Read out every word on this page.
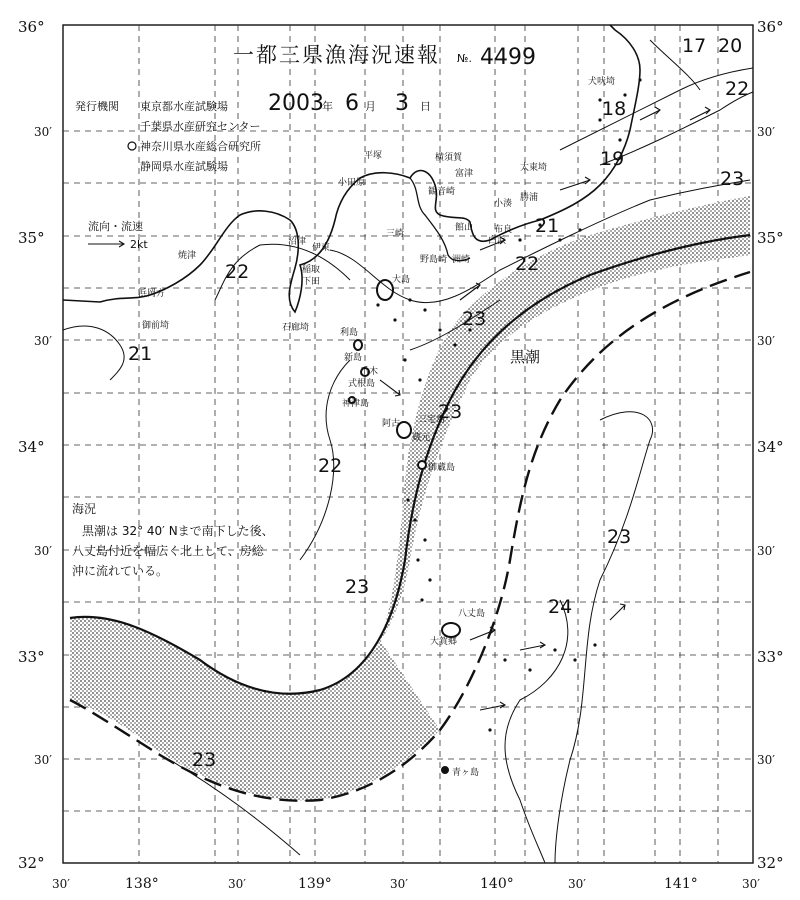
一都三県漁海況速報 №. 4499
発行機関 東京都水産試験場
千葉県水産研究センター
神奈川県水産総合研究所
静岡県水産試験場
2003
年 6 月 3 日
流向・流速
2kt
黒潮
海況
黒潮は 32° 40′ Nまで南下した後、
八丈島付近を幅広く北上して、房総
沖に流れている。
17 20
18
19
22
23
21
22
22
21
23
23
22
23
23
24
23
犬吠埼
太東埼
勝浦
小湊
白浜
館山
洲崎
富津
観音崎
横須賀
平塚
小田原
沼津
伊東
稲取
下田
石廊埼
焼津
御前埼
大島
利島
新島
式根島
神津島
三宅島
御蔵島
八丈島
青ヶ島
浜岡方
三崎	布良
野島崎
爪木
蔵元
阿古
大賀郷
36°
30′
35°
30′
34°
30′
33°
30′
32°
36°
30′
35°
30′
34°
30′
33°
30′
32°
30′	138°	30′	139°	30′	140°	30′	141°	30′
